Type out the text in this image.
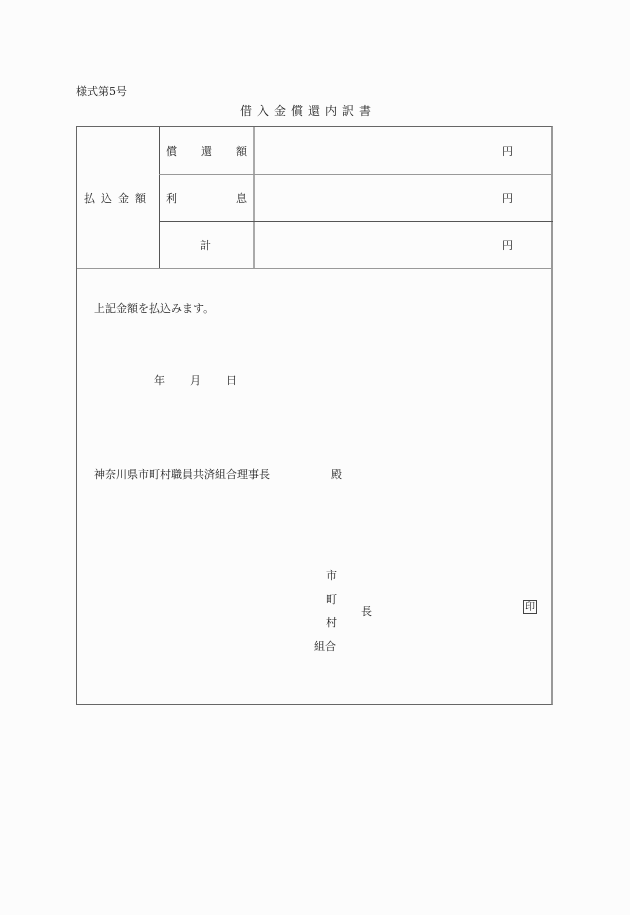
様式第5号
借入金償還内訳書
払込金額
償 還 額	円
利	息	円
計	円
上記金額を払込みます。
年 月 日
神奈川県市町村職員共済組合理事長	殿
市
町
村
組合
長	印
